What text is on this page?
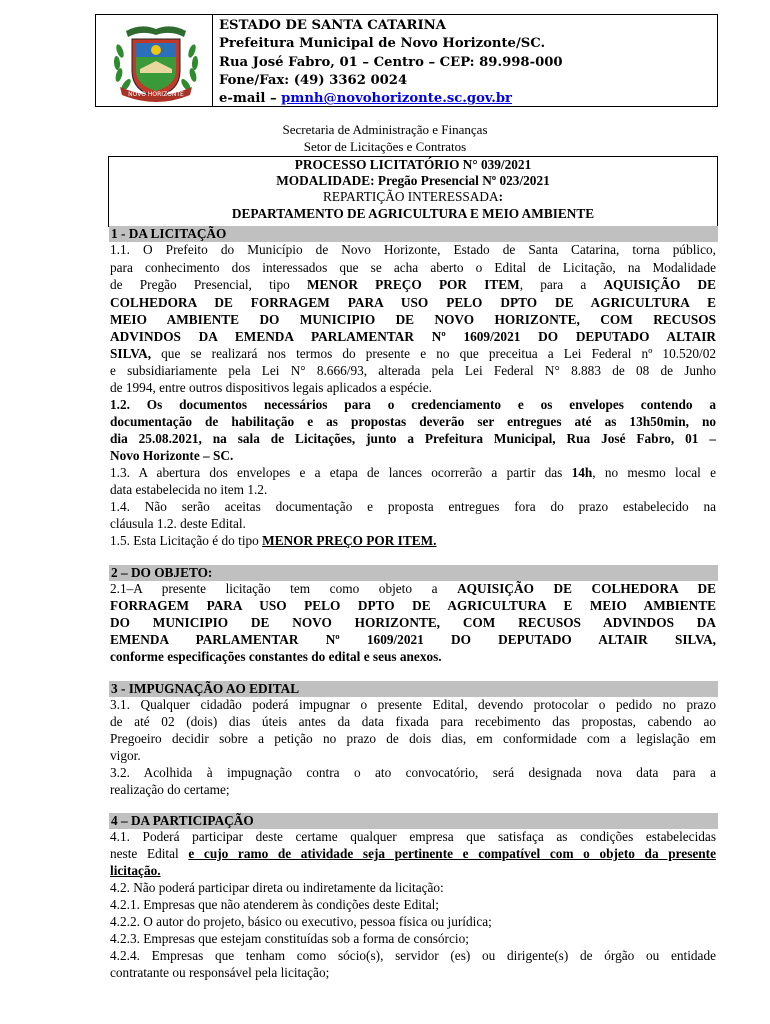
NOVO HORIZONTE
ESTADO DE SANTA CATARINA
Prefeitura Municipal de Novo Horizonte/SC.
Rua José Fabro, 01 – Centro – CEP: 89.998-000
Fone/Fax: (49) 3362 0024
e-mail – pmnh@novohorizonte.sc.gov.br
Secretaria de Administração e Finanças
Setor de Licitações e Contratos
PROCESSO LICITATÓRIO N° 039/2021
MODALIDADE: Pregão Presencial Nº 023/2021
REPARTIÇÃO INTERESSADA:
DEPARTAMENTO DE AGRICULTURA E MEIO AMBIENTE
1 - DA LICITAÇÃO
1.1. O Prefeito do Município de Novo Horizonte, Estado de Santa Catarina, torna público,
para conhecimento dos interessados que se acha aberto o Edital de Licitação, na Modalidade
de Pregão Presencial, tipo MENOR PREÇO POR ITEM, para a AQUISIÇÃO DE
COLHEDORA DE FORRAGEM PARA USO PELO DPTO DE AGRICULTURA E
MEIO AMBIENTE DO MUNICIPIO DE NOVO HORIZONTE, COM RECUSOS
ADVINDOS DA EMENDA PARLAMENTAR Nº 1609/2021 DO DEPUTADO ALTAIR
SILVA, que se realizará nos termos do presente e no que preceitua a Lei Federal nº 10.520/02
e subsidiariamente pela Lei N° 8.666/93, alterada pela Lei Federal N° 8.883 de 08 de Junho
de 1994, entre outros dispositivos legais aplicados a espécie.
1.2. Os documentos necessários para o credenciamento e os envelopes contendo a
documentação de habilitação e as propostas deverão ser entregues até as 13h50min, no
dia 25.08.2021, na sala de Licitações, junto a Prefeitura Municipal, Rua José Fabro, 01 –
Novo Horizonte – SC.
1.3. A abertura dos envelopes e a etapa de lances ocorrerão a partir das 14h, no mesmo local e
data estabelecida no item 1.2.
1.4. Não serão aceitas documentação e proposta entregues fora do prazo estabelecido na
cláusula 1.2. deste Edital.
1.5. Esta Licitação é do tipo MENOR PREÇO POR ITEM.
2 – DO OBJETO:
2.1–A presente licitação tem como objeto a AQUISIÇÃO DE COLHEDORA DE
FORRAGEM PARA USO PELO DPTO DE AGRICULTURA E MEIO AMBIENTE
DO MUNICIPIO DE NOVO HORIZONTE, COM RECUSOS ADVINDOS DA
EMENDA PARLAMENTAR Nº 1609/2021 DO DEPUTADO ALTAIR SILVA,
conforme especificações constantes do edital e seus anexos.
3 - IMPUGNAÇÃO AO EDITAL
3.1. Qualquer cidadão poderá impugnar o presente Edital, devendo protocolar o pedido no prazo
de até 02 (dois) dias úteis antes da data fixada para recebimento das propostas, cabendo ao
Pregoeiro decidir sobre a petição no prazo de dois dias, em conformidade com a legislação em
vigor.
3.2. Acolhida à impugnação contra o ato convocatório, será designada nova data para a
realização do certame;
4 – DA PARTICIPAÇÃO
4.1. Poderá participar deste certame qualquer empresa que satisfaça as condições estabelecidas
neste Edital e cujo ramo de atividade seja pertinente e compatível com o objeto da presente
licitação.
4.2. Não poderá participar direta ou indiretamente da licitação:
4.2.1. Empresas que não atenderem às condições deste Edital;
4.2.2. O autor do projeto, básico ou executivo, pessoa física ou jurídica;
4.2.3. Empresas que estejam constituídas sob a forma de consórcio;
4.2.4. Empresas que tenham como sócio(s), servidor (es) ou dirigente(s) de órgão ou entidade
contratante ou responsável pela licitação;
